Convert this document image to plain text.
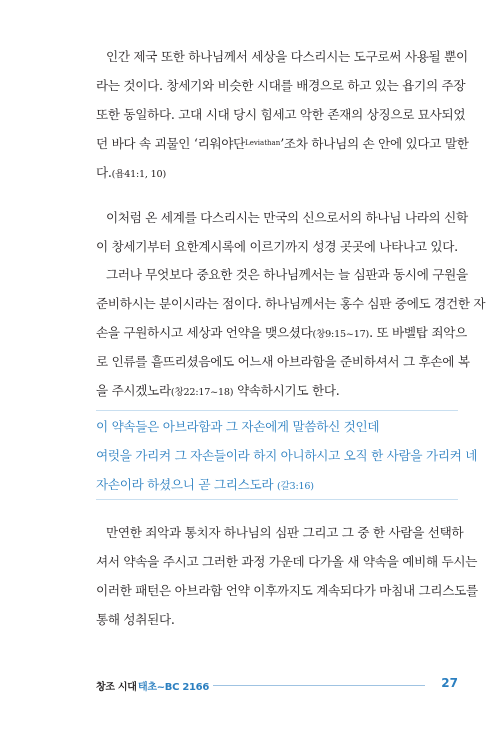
인간 제국 또한 하나님께서 세상을 다스리시는 도구로써 사용될 뿐이
라는 것이다. 창세기와 비슷한 시대를 배경으로 하고 있는 욥기의 주장
또한 동일하다. 고대 시대 당시 힘세고 악한 존재의 상징으로 묘사되었
던 바다 속 괴물인 ‘리워야단$^{Leviathan}$’조차 하나님의 손 안에 있다고 말한
다.(욥41:1, 10)
이처럼 온 세계를 다스리시는 만국의 신으로서의 하나님 나라의 신학
이 창세기부터 요한계시록에 이르기까지 성경 곳곳에 나타나고 있다.
그러나 무엇보다 중요한 것은 하나님께서는 늘 심판과 동시에 구원을
준비하시는 분이시라는 점이다. 하나님께서는 홍수 심판 중에도 경건한 자
손을 구원하시고 세상과 언약을 맺으셨다(창9:15~17). 또 바벨탑 죄악으
로 인류를 흩뜨리셨음에도 어느새 아브라함을 준비하셔서 그 후손에 복
을 주시겠노라(창22:17~18) 약속하시기도 한다.
이 약속들은 아브라함과 그 자손에게 말씀하신 것인데
여럿을 가리켜 그 자손들이라 하지 아니하시고 오직 한 사람을 가리켜 네
자손이라 하셨으니 곧 그리스도라 (갈3:16)
만연한 죄악과 통치자 하나님의 심판 그리고 그 중 한 사람을 선택하
셔서 약속을 주시고 그러한 과정 가운데 다가올 새 약속을 예비해 두시는
이러한 패턴은 아브라함 언약 이후까지도 계속되다가 마침내 그리스도를
통해 성취된다.
창조 시대 태초~BC 2166	27
